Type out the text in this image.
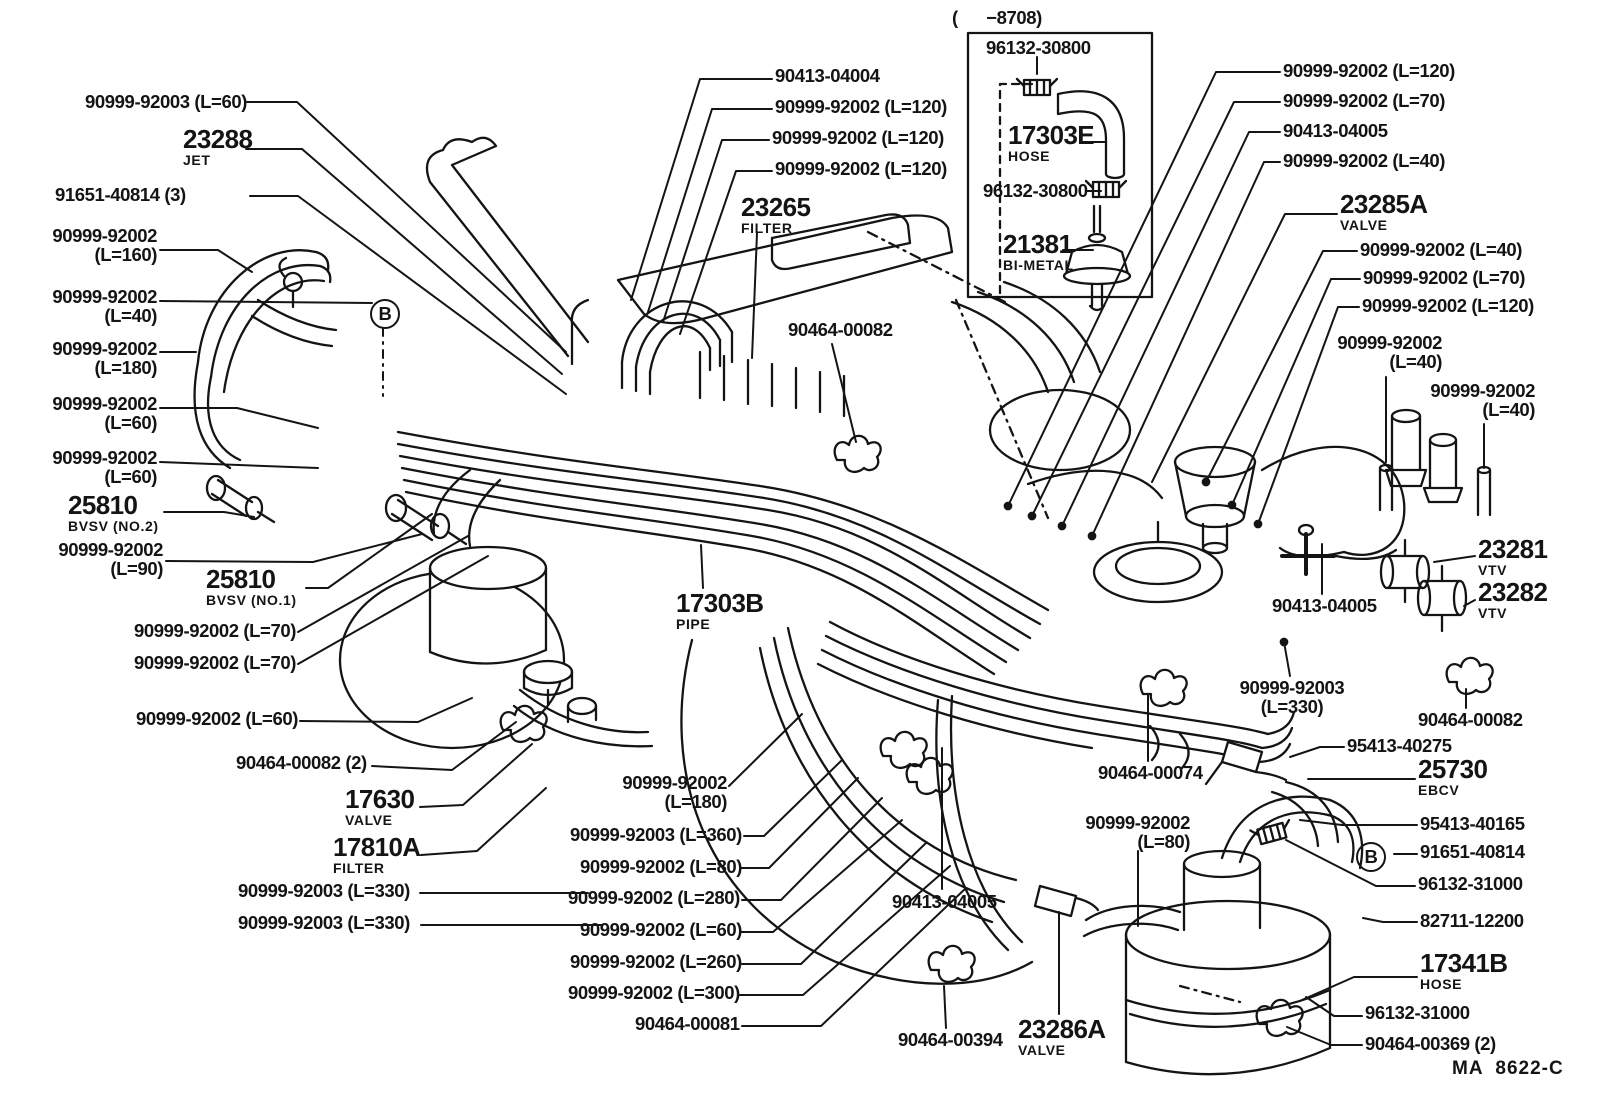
90999-92003 (L=60)
23288
JET
91651-40814 (3)
90999-92002
(L=160)
90999-92002
(L=40)
90999-92002
(L=180)
90999-92002
(L=60)
90999-92002
(L=60)
25810
BVSV (NO.2)
90999-92002
(L=90) 25810
BVSV (NO.1)
90999-92002 (L=70)
90999-92002 (L=70)
90999-92002 (L=60)
90464-00082 (2)
17630
VALVE
17810A
FILTER
90999-92003 (L=330)
90999-92003 (L=330)
90413-04004
90999-92002 (L=120)
90999-92002 (L=120)
90999-92002 (L=120)
23265
FILTER
(      −8708)
96132-30800
17303E
HOSE
96132-30800
21381
BI-METAL
90999-92002 (L=120)
90999-92002 (L=70)
90413-04005
90999-92002 (L=40)
23285A
VALVE
90999-92002 (L=40)
90999-92002 (L=70)
90999-92002 (L=120)
90999-92002
(L=40)
90999-92002
(L=40)
23281
VTV
23282
VTV
90413-04005
90999-92003
(L=330)
90464-00082
95413-40275
25730
EBCV
95413-40165
B 91651-40814
96132-31000
82711-12200
17341B
HOSE
96132-31000
90464-00369 (2)
90999-92002
(L=180)
90999-92003 (L=360)
90999-92002 (L=80)
90999-92002 (L=280)
90999-92002 (L=60)
90999-92002 (L=260)
90999-92002 (L=300)
90464-00081
90413-04005
90464-00394 23286A
VALVE
90999-92002
(L=80)
90464-00074
90464-00082
17303B
PIPE
B
MA  8622-C
